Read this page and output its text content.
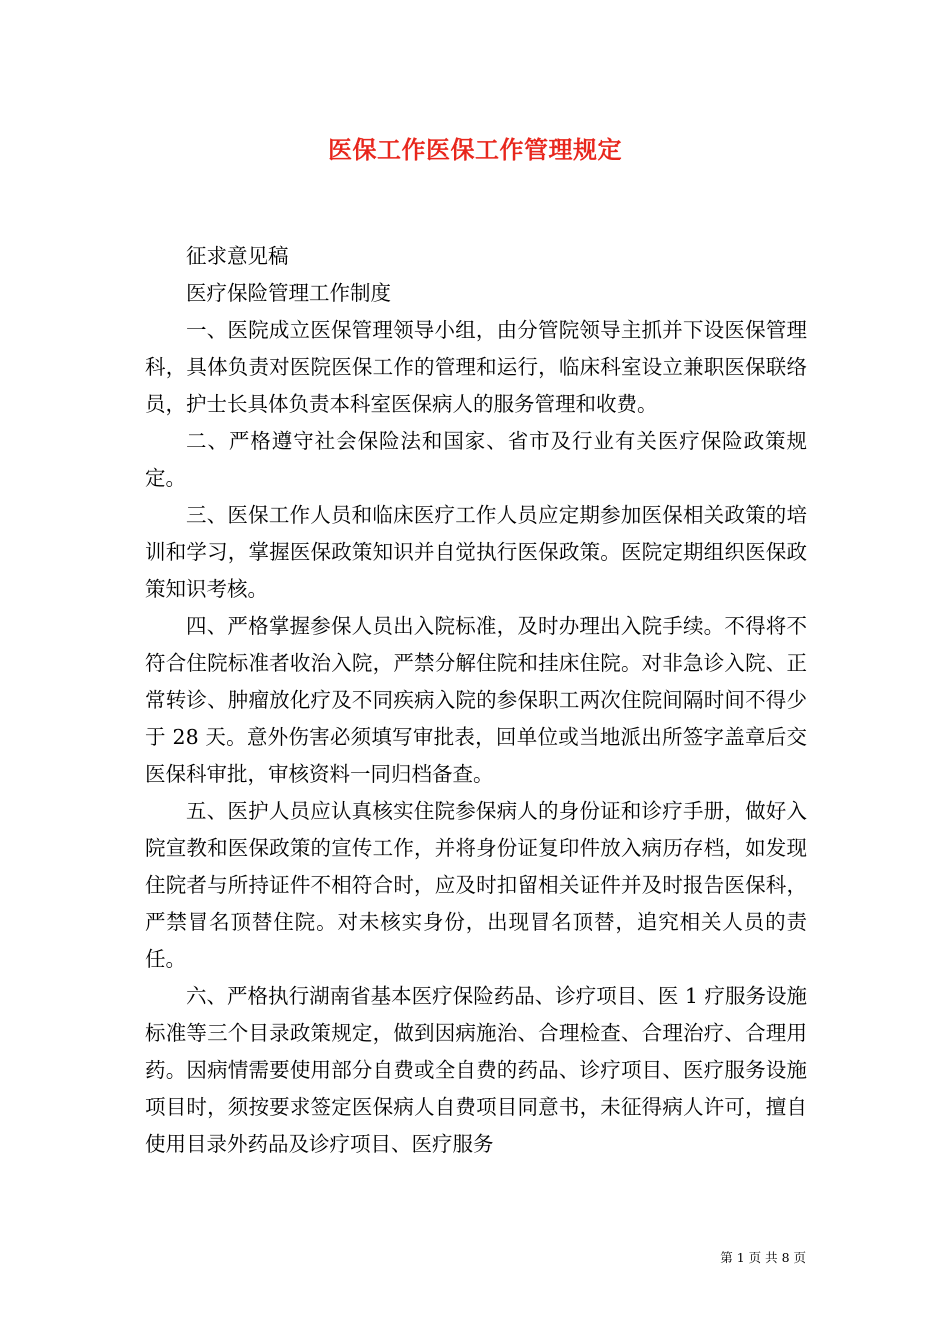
医保工作医保工作管理规定

征求意见稿

医疗保险管理工作制度

一、医院成立医保管理领导小组，由分管院领导主抓并下设医保管理科，具体负责对医院医保工作的管理和运行，临床科室设立兼职医保联络员，护士长具体负责本科室医保病人的服务管理和收费。

二、严格遵守社会保险法和国家、省市及行业有关医疗保险政策规定。

三、医保工作人员和临床医疗工作人员应定期参加医保相关政策的培训和学习，掌握医保政策知识并自觉执行医保政策。医院定期组织医保政策知识考核。

四、严格掌握参保人员出入院标准，及时办理出入院手续。不得将不符合住院标准者收治入院，严禁分解住院和挂床住院。对非急诊入院、正常转诊、肿瘤放化疗及不同疾病入院的参保职工两次住院间隔时间不得少于 28 天。意外伤害必须填写审批表，回单位或当地派出所签字盖章后交医保科审批，审核资料一同归档备查。

五、医护人员应认真核实住院参保病人的身份证和诊疗手册，做好入院宣教和医保政策的宣传工作，并将身份证复印件放入病历存档，如发现住院者与所持证件不相符合时，应及时扣留相关证件并及时报告医保科，严禁冒名顶替住院。对未核实身份，出现冒名顶替，追究相关人员的责任。

六、严格执行湖南省基本医疗保险药品、诊疗项目、医 1 疗服务设施标准等三个目录政策规定，做到因病施治、合理检查、合理治疗、合理用药。因病情需要使用部分自费或全自费的药品、诊疗项目、医疗服务设施项目时，须按要求签定医保病人自费项目同意书，未征得病人许可，擅自使用目录外药品及诊疗项目、医疗服务

第 1 页 共 8 页
